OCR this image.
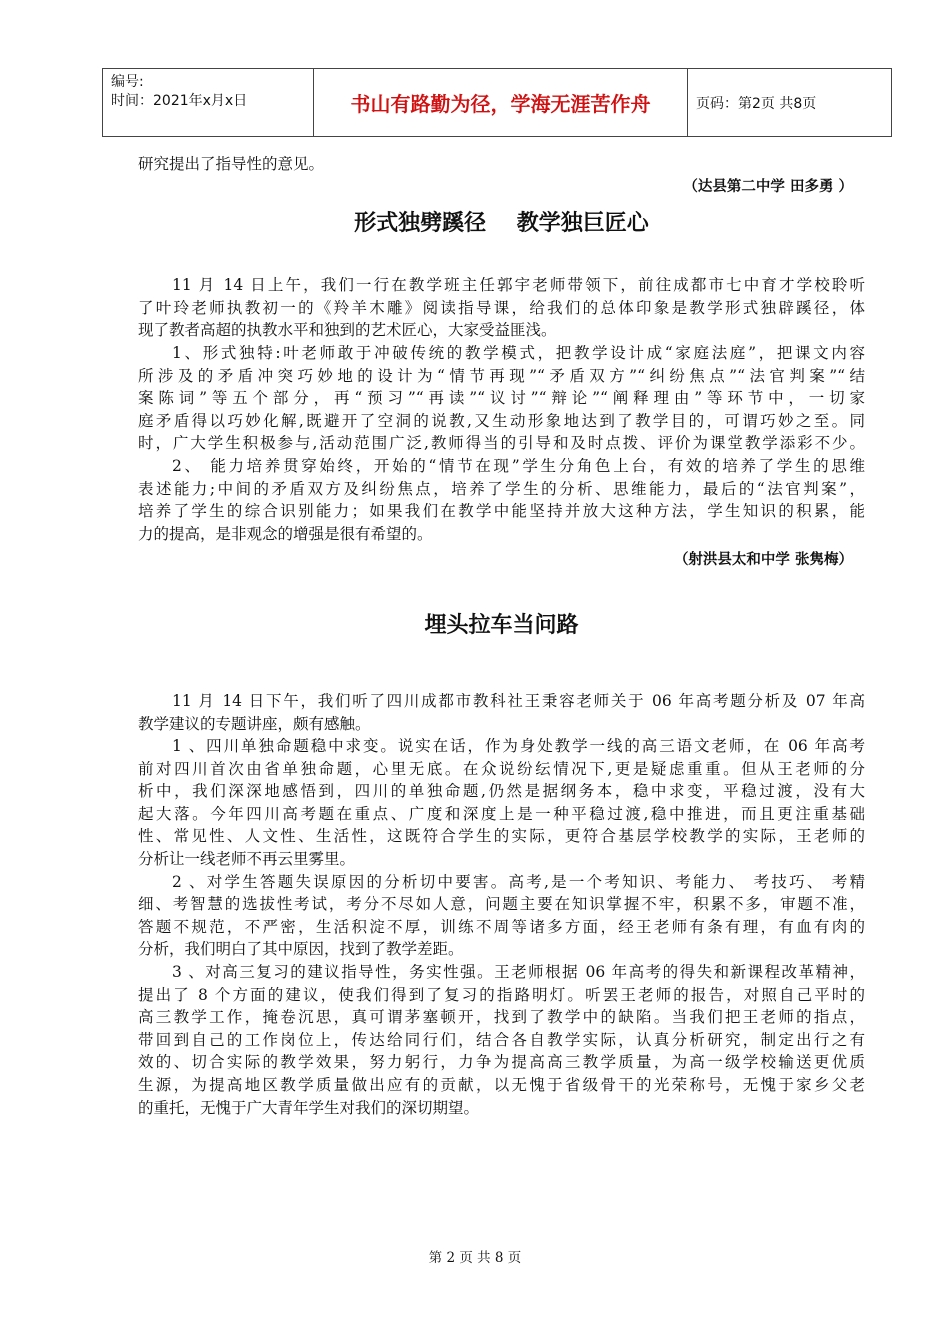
编号:
时间：2021年x月x日	书山有路勤为径，学海无涯苦作舟	页码：第2页 共8页
研究提出了指导性的意见。
（达县第二中学 田多勇 ）
形式独劈蹊径    教学独巨匠心
11 月 14 日上午，我们一行在教学班主任郭宇老师带领下，前往成都市七中育才学校聆听
了叶玲老师执教初一的《羚羊木雕》阅读指导课，给我们的总体印象是教学形式独辟蹊径，体
现了教者高超的执教水平和独到的艺术匠心，大家受益匪浅。
1、形式独特:叶老师敢于冲破传统的教学模式，把教学设计成“家庭法庭”，把课文内容
所涉及的矛盾冲突巧妙地的设计为“情节再现”“矛盾双方”“纠纷焦点”“法官判案”“结
案陈词”等五个部分，再“预习”“再读”“议讨”“辩论”“阐释理由”等环节中，一切家
庭矛盾得以巧妙化解,既避开了空洞的说教,又生动形象地达到了教学目的，可谓巧妙之至。同
时，广大学生积极参与,活动范围广泛,教师得当的引导和及时点拨、评价为课堂教学添彩不少。
2、 能力培养贯穿始终，开始的“情节在现”学生分角色上台，有效的培养了学生的思维
表述能力;中间的矛盾双方及纠纷焦点，培养了学生的分析、思维能力，最后的“法官判案”，
培养了学生的综合识别能力；如果我们在教学中能坚持并放大这种方法，学生知识的积累，能
力的提高，是非观念的增强是很有希望的。
（射洪县太和中学 张隽梅）
埋头拉车当问路
11 月 14 日下午，我们听了四川成都市教科社王秉容老师关于 06 年高考题分析及 07 年高
教学建议的专题讲座，颇有感触。
1 、四川单独命题稳中求变。说实在话，作为身处教学一线的高三语文老师，在 06 年高考
前对四川首次由省单独命题，心里无底。在众说纷纭情况下,更是疑虑重重。但从王老师的分
析中，我们深深地感悟到，四川的单独命题,仍然是据纲务本，稳中求变，平稳过渡，没有大
起大落。今年四川高考题在重点、广度和深度上是一种平稳过渡,稳中推进，而且更注重基础
性、常见性、人文性、生活性，这既符合学生的实际，更符合基层学校教学的实际，王老师的
分析让一线老师不再云里雾里。
2 、对学生答题失误原因的分析切中要害。高考,是一个考知识、考能力、 考技巧、 考精
细、考智慧的选拔性考试，考分不尽如人意，问题主要在知识掌握不牢，积累不多，审题不准，
答题不规范，不严密，生活积淀不厚，训练不周等诸多方面，经王老师有条有理，有血有肉的
分析，我们明白了其中原因，找到了教学差距。
3 、对高三复习的建议指导性，务实性强。王老师根据 06 年高考的得失和新课程改革精神，
提出了 8 个方面的建议，使我们得到了复习的指路明灯。听罢王老师的报告，对照自己平时的
高三教学工作，掩卷沉思，真可谓茅塞顿开，找到了教学中的缺陷。当我们把王老师的指点，
带回到自己的工作岗位上，传达给同行们，结合各自教学实际，认真分析研究，制定出行之有
效的、切合实际的教学效果，努力躬行，力争为提高高三教学质量，为高一级学校输送更优质
生源，为提高地区教学质量做出应有的贡献，以无愧于省级骨干的光荣称号，无愧于家乡父老
的重托，无愧于广大青年学生对我们的深切期望。
第 2 页 共 8 页
